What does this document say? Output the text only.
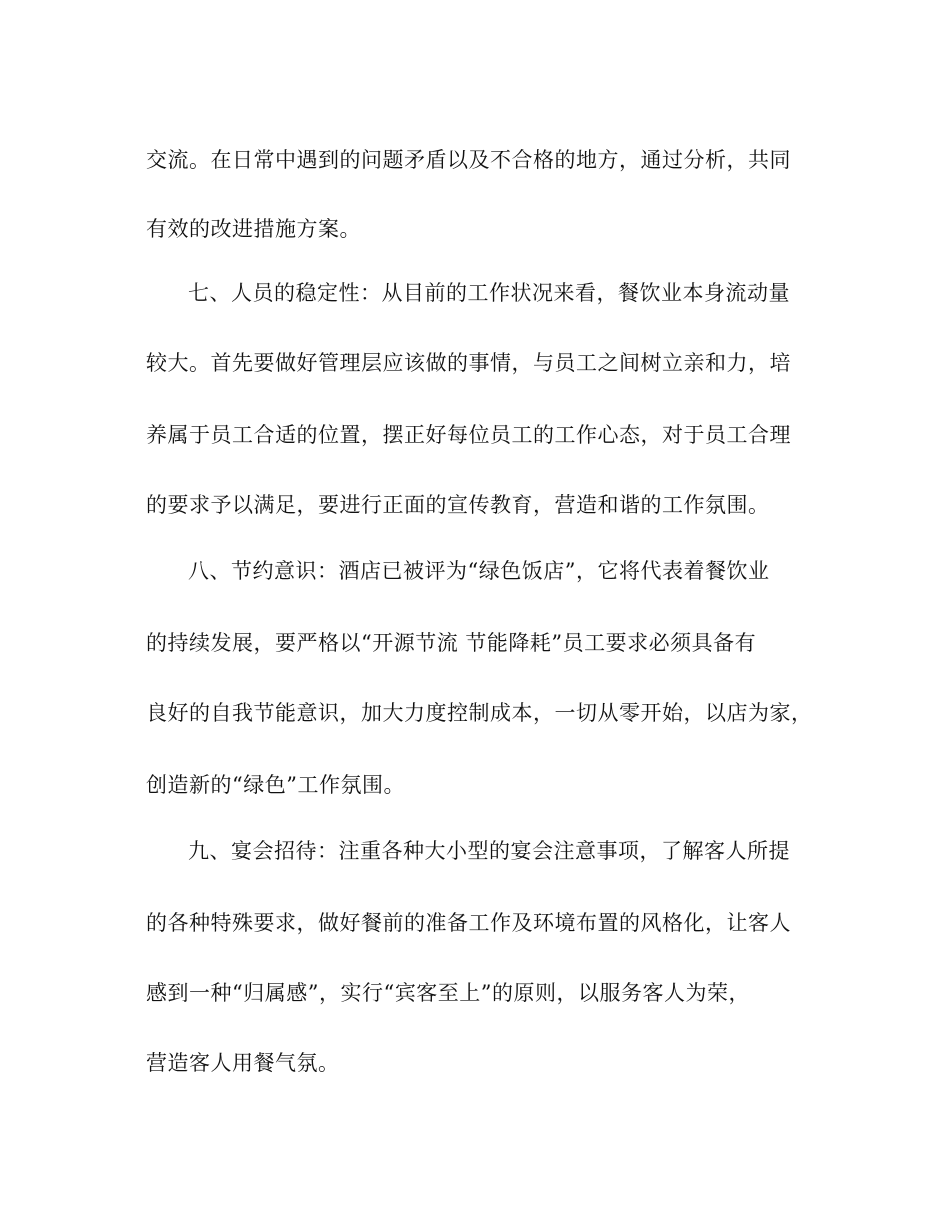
交流。在日常中遇到的问题矛盾以及不合格的地方，通过分析，共同
有效的改进措施方案。
七、人员的稳定性：从目前的工作状况来看，餐饮业本身流动量
较大。首先要做好管理层应该做的事情，与员工之间树立亲和力，培
养属于员工合适的位置，摆正好每位员工的工作心态，对于员工合理
的要求予以满足，要进行正面的宣传教育，营造和谐的工作氛围。
八、节约意识：酒店已被评为“绿色饭店”，它将代表着餐饮业
的持续发展，要严格以“开源节流 节能降耗”员工要求必须具备有
良好的自我节能意识，加大力度控制成本，一切从零开始，以店为家，
创造新的“绿色”工作氛围。
九、宴会招待：注重各种大小型的宴会注意事项，了解客人所提
的各种特殊要求，做好餐前的准备工作及环境布置的风格化，让客人
感到一种“归属感”，实行“宾客至上”的原则，以服务客人为荣，
营造客人用餐气氛。
